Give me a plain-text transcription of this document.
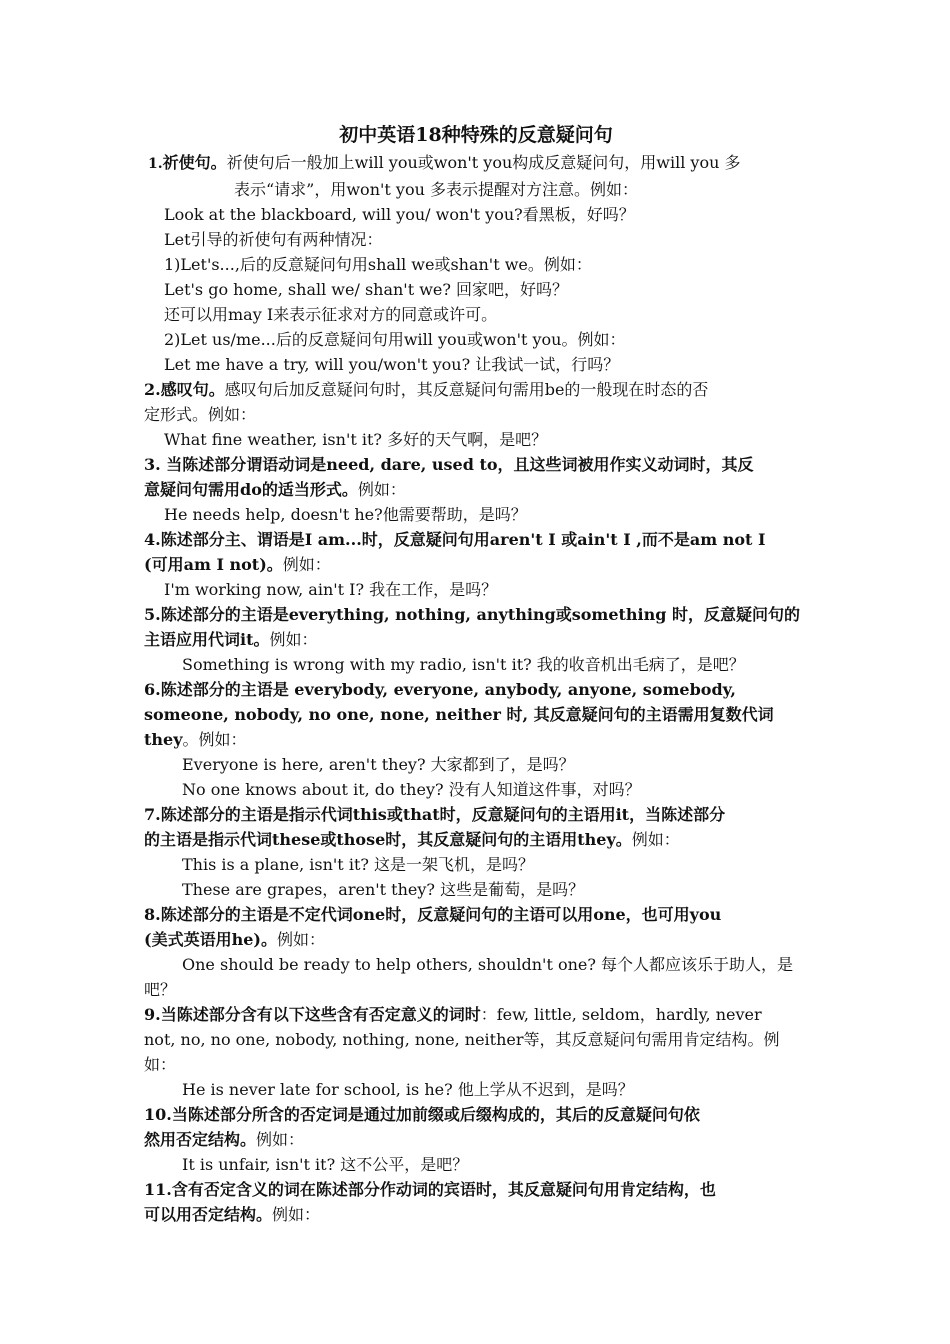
初中英语18种特殊的反意疑问句

1.祈使句。祈使句后一般加上will you或won't you构成反意疑问句，用will you 多

表示“请求”，用won't you 多表示提醒对方注意。例如：

Look at the blackboard, will you/ won't you?看黑板，好吗？

Let引导的祈使句有两种情况：

1)Let's...,后的反意疑问句用shall we或shan't we。例如：

Let's go home, shall we/ shan't we? 回家吧，好吗？

还可以用may I来表示征求对方的同意或许可。

2)Let us/me...后的反意疑问句用will you或won't you。例如：

Let me have a try, will you/won't you? 让我试一试，行吗？

2.感叹句。感叹句后加反意疑问句时，其反意疑问句需用be的一般现在时态的否

定形式。例如：

What fine weather, isn't it? 多好的天气啊，是吧？

3. 当陈述部分谓语动词是need, dare, used to，且这些词被用作实义动词时，其反

意疑问句需用do的适当形式。例如：

He needs help, doesn't he?他需要帮助，是吗？

4.陈述部分主、谓语是I am...时，反意疑问句用aren't I 或ain't I ,而不是am not I

(可用am I not)。例如：

I'm working now, ain't I? 我在工作，是吗？

5.陈述部分的主语是everything, nothing, anything或something 时，反意疑问句的

主语应用代词it。例如：

Something is wrong with my radio, isn't it? 我的收音机出毛病了，是吧？

6.陈述部分的主语是 everybody, everyone, anybody, anyone, somebody,

someone, nobody, no one, none, neither 时, 其反意疑问句的主语需用复数代词

they。例如：

Everyone is here, aren't they? 大家都到了，是吗？

No one knows about it, do they? 没有人知道这件事，对吗？

7.陈述部分的主语是指示代词this或that时，反意疑问句的主语用it，当陈述部分

的主语是指示代词these或those时，其反意疑问句的主语用they。例如：

This is a plane, isn't it? 这是一架飞机，是吗？

These are grapes，aren't they? 这些是葡萄，是吗？

8.陈述部分的主语是不定代词one时，反意疑问句的主语可以用one，也可用you

(美式英语用he)。例如：

One should be ready to help others, shouldn't one? 每个人都应该乐于助人，是

吧？

9.当陈述部分含有以下这些含有否定意义的词时：few, little, seldom，hardly, never

not, no, no one, nobody, nothing, none, neither等，其反意疑问句需用肯定结构。例

如：

He is never late for school, is he? 他上学从不迟到，是吗？

10.当陈述部分所含的否定词是通过加前缀或后缀构成的，其后的反意疑问句依

然用否定结构。例如：

It is unfair, isn't it? 这不公平，是吧？

11.含有否定含义的词在陈述部分作动词的宾语时，其反意疑问句用肯定结构，也

可以用否定结构。例如：
